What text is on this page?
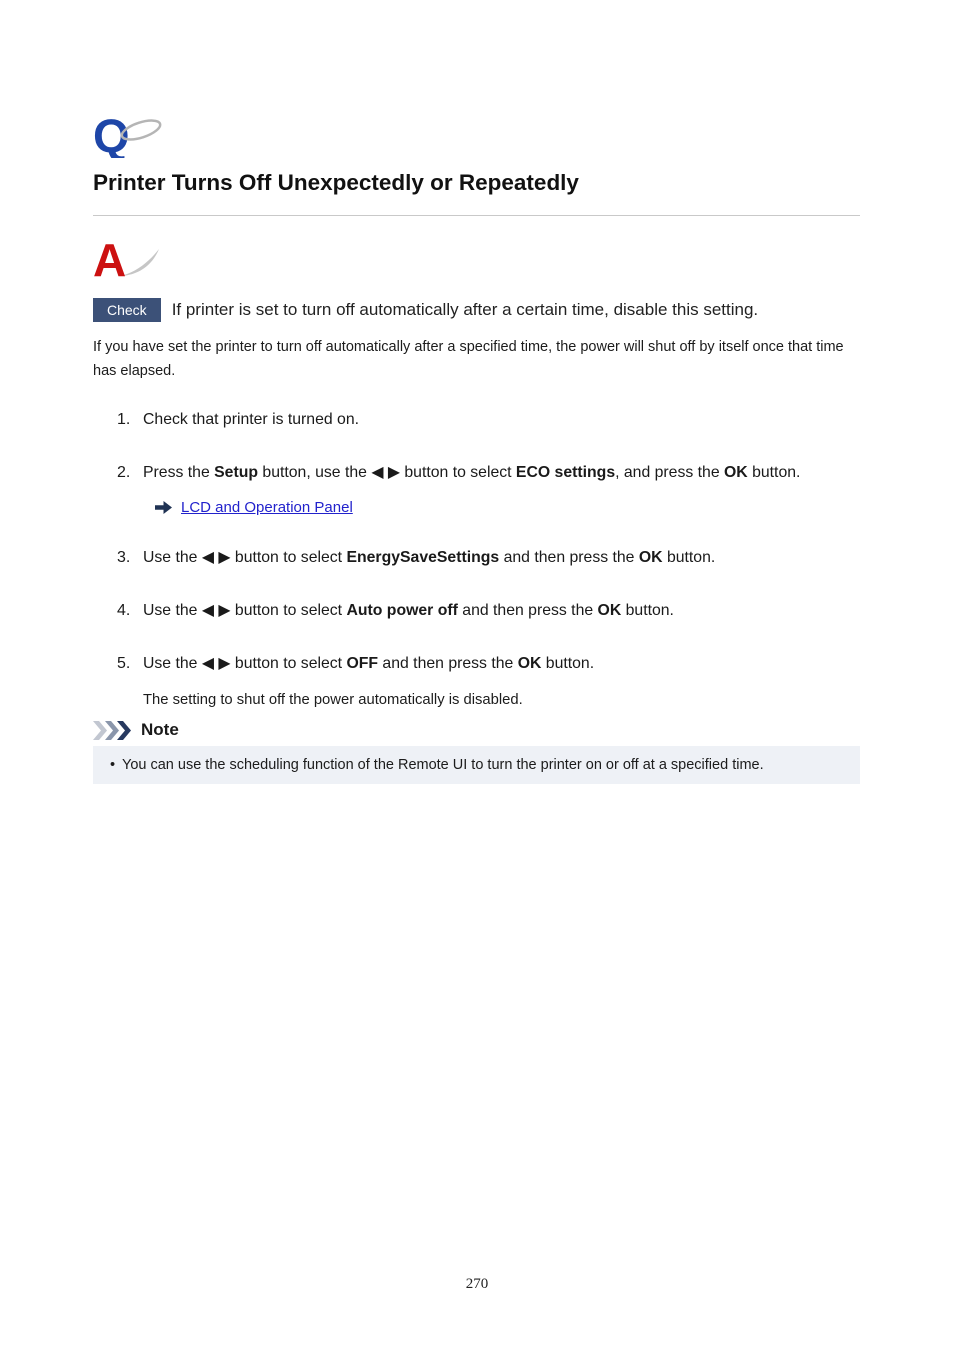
Q
Printer Turns Off Unexpectedly or Repeatedly
A
Check	If printer is set to turn off automatically after a certain time, disable this setting.

If you have set the printer to turn off automatically after a specified time, the power will shut off by itself once that time has elapsed.

1. Check that printer is turned on.

2. Press the Setup button, use the ◀ ▶ button to select ECO settings, and press the OK button.

LCD and Operation Panel
3. Use the ◀ ▶ button to select EnergySaveSettings and then press the OK button.

4. Use the ◀ ▶ button to select Auto power off and then press the OK button.

5. Use the ◀ ▶ button to select OFF and then press the OK button.

The setting to shut off the power automatically is disabled.

Note
• You can use the scheduling function of the Remote UI to turn the printer on or off at a specified time.
270
